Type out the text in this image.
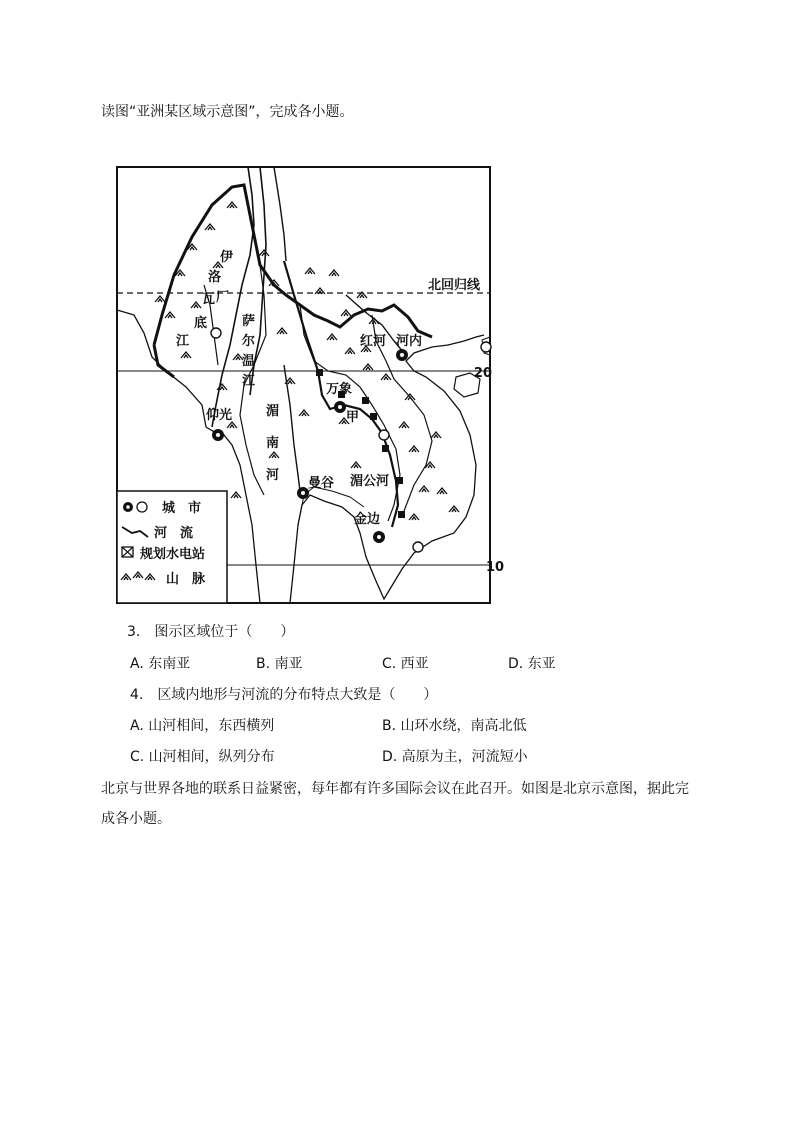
读图“亚洲某区域示意图”，完成各小题。
北回归线
20
10
伊
洛
瓦 厂
底
江
萨
尔
温
江
湄
南
河
红河 河内
万象
甲
仰光
曼谷 湄公河
金边
城　市
河　流
规划水电站
山　脉
3.　图示区域位于（　　）
A. 东南亚	B. 南亚	C. 西亚	D. 东亚
4.　区域内地形与河流的分布特点大致是（　　）
A. 山河相间，东西横列	B. 山环水绕，南高北低
C. 山河相间，纵列分布	D. 高原为主，河流短小
北京与世界各地的联系日益紧密，每年都有许多国际会议在此召开。如图是北京示意图，据此完
成各小题。
